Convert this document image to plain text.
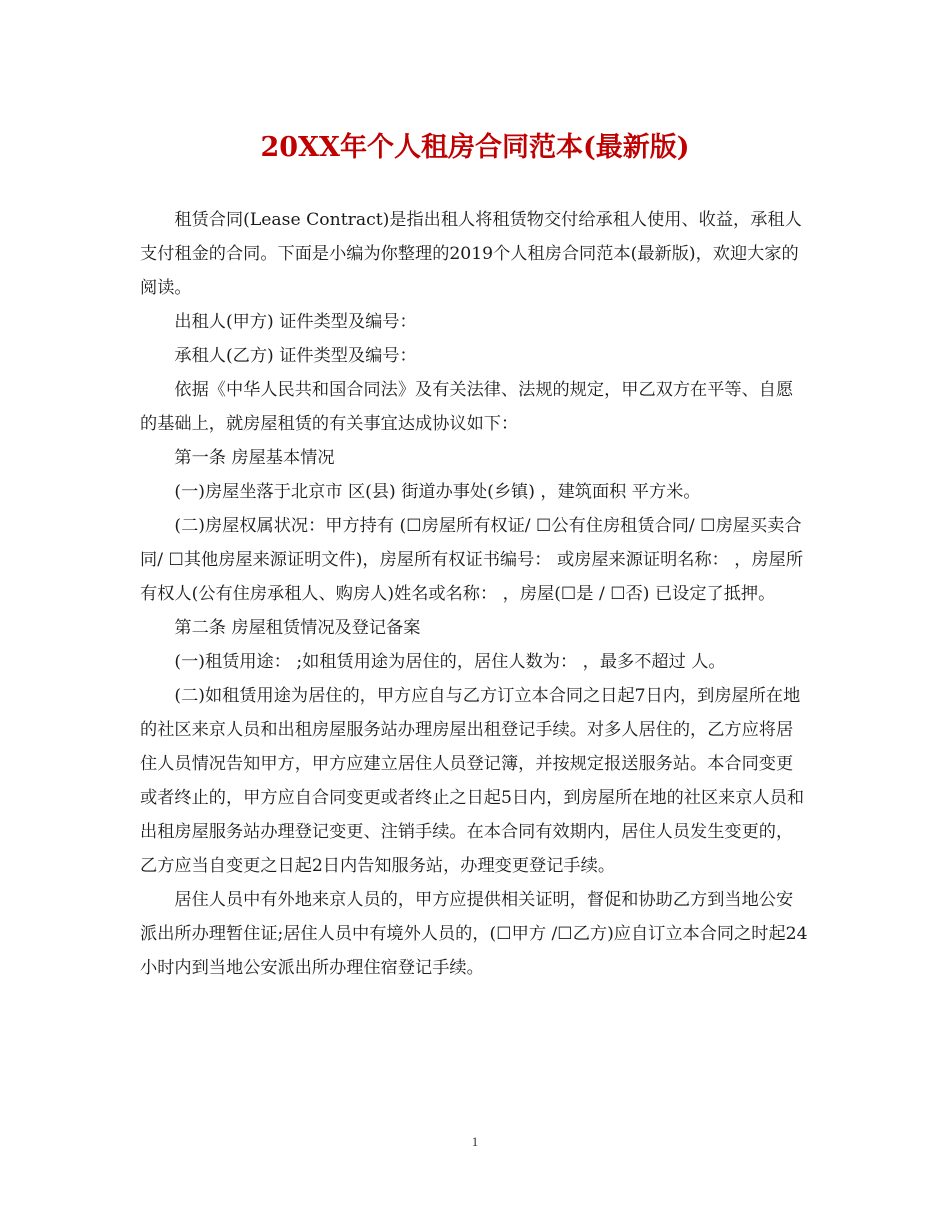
20XX年个人租房合同范本(最新版)

租赁合同(Lease Contract)是指出租人将租赁物交付给承租人使用、收益，承租人支付租金的合同。下面是小编为你整理的2019个人租房合同范本(最新版)，欢迎大家的阅读。

出租人(甲方) 证件类型及编号：

承租人(乙方) 证件类型及编号：

依据《中华人民共和国合同法》及有关法律、法规的规定，甲乙双方在平等、自愿的基础上，就房屋租赁的有关事宜达成协议如下：

第一条 房屋基本情况

(一)房屋坐落于北京市 区(县) 街道办事处(乡镇) ，建筑面积 平方米。

(二)房屋权属状况：甲方持有 (☐房屋所有权证/ ☐公有住房租赁合同/ ☐房屋买卖合同/ ☐其他房屋来源证明文件)，房屋所有权证书编号： 或房屋来源证明名称： ，房屋所有权人(公有住房承租人、购房人)姓名或名称： ，房屋(☐是 / ☐否) 已设定了抵押。

第二条 房屋租赁情况及登记备案

(一)租赁用途： ;如租赁用途为居住的，居住人数为： ，最多不超过 人。

(二)如租赁用途为居住的，甲方应自与乙方订立本合同之日起7日内，到房屋所在地的社区来京人员和出租房屋服务站办理房屋出租登记手续。对多人居住的，乙方应将居住人员情况告知甲方，甲方应建立居住人员登记簿，并按规定报送服务站。本合同变更或者终止的，甲方应自合同变更或者终止之日起5日内，到房屋所在地的社区来京人员和出租房屋服务站办理登记变更、注销手续。在本合同有效期内，居住人员发生变更的，乙方应当自变更之日起2日内告知服务站，办理变更登记手续。

居住人员中有外地来京人员的，甲方应提供相关证明，督促和协助乙方到当地公安派出所办理暂住证;居住人员中有境外人员的，(☐甲方 /☐乙方)应自订立本合同之时起24小时内到当地公安派出所办理住宿登记手续。

1
